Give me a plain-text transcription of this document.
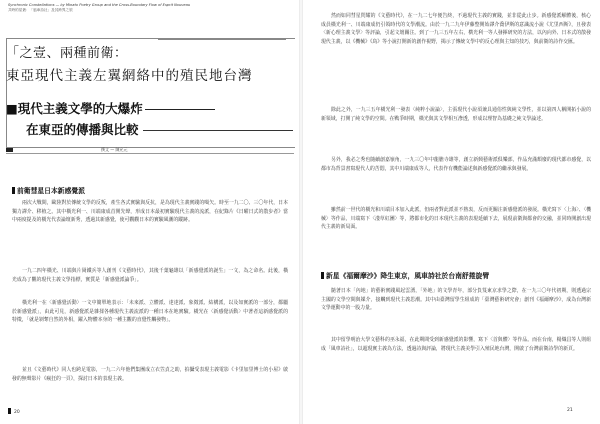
Synchronic Constellations — by Minato Poetry Group and the Cross-Boundary Flow of Esprit Nouveau
共時的星叢：「風車詩社」及其跨界之旅
「之壹、兩種前衛：
東亞現代主義左翼網絡中的殖民地台灣
■現代主義文學的大爆炸
在東亞的傳播與比較
撰文 — 陳允元
前衛彗星日本新感覺派
兩次大戰間，歐陸對於傳統文學的反叛，產生各式實驗與反抗，是為現代主義實踐的噶矢。時至一九二〇、三〇年代，日本獨力譯介、移植之。其中橫光利一、川端康成首開先聲，形成日本最初實驗現代主義的流派，在紀錄片《日曜日式的散步者》當中兩度提及的橫光代表論壇新秀，透過其新感覺，使可觀觀日本的實驗風潮的蹤跡。
一九二四年橫光、川端與片岡鐵兵等人創刊《文藝時代》，其後千葉龜雄以「新感覺派的誕生」一文，為之命名。此後，橫光成為了觀的現代主義文學指標，實質是「新感覺派論爭」。
橫光利一在〈新感覺活動〉一文中簡單地表示：「未來派、立體派、達達派、象徵派、結構派，以及如實派的一部分，都屬於新感覺派」，由此可見，新感覺派是雜揉各種現代主義流派的一種日本在地實驗。橫光在〈新感覺活動〉中著者這新感覺派的特徵，「就是剝奪自然的外相，躍入物體本身的一種主觀的直覺性觸發物」。
並且《文藝時代》同人也跨足電影，一九二六年他們集團成立衣笠貞之助，拍攝受表現主義電影《卡里加里博士的小屋》啟發的無聲影片《瘋狂的一頁》，探討日本的表現主義。
20
然而如同彗星閃耀的《文藝時代》，在一九二七年便告終，不過現代主義的實踐，並非從此止步。新感覺派解體後，核心成員橫光利一、川端康成仍引領時代的文學潮流。由於一九二九年伊藤整開始譯介喬伊斯的意識流小說《尤里西斯》，且發表〈新心理主義文學〉等評論，引起文壇關注。到了一九三五年左右，横光利一等人發揮研究的方法，以內向外、日本式的散發現代主義，以《機械》《鳥》等小說打開新的創作視野，揭示了傳統文學中的反心理與主知的技巧，與前衛的詩作交匯。
除此之外，一九三五年橫光利一發表〈純粹小說論〉，主張現代小說須兼具通俗性與純文學性，並以第四人稱開拓小說的新領域，打開了純文學的空間。在戰爭時期，橫光與其文學相互滲透，形成以理智為基礎之純文學論述。
另外，我必之秀也隨續創嘉嶺角，一九三〇年中龍膽寺雄等，創立新興藝術派俱樂部，作品充滿頹廢的現代都市感覺，以都市為背景書寫現代人的苦悶，其中川端康成等人，代表作有機能論述與新感覺派的繼承與發展。
雖然前一世代的橫光和川端目本加入此派，但兩者對此派並不熱衷，反而更關注新感覺派的發展。橫光寫下〈上海〉、〈機械〉等作品，川端寫下〈淺草紅團〉等，將都市化的日本現代主義的表現延續下去，展現前衛與都會的交融，並同時開創出現代主義的新局面。
新星《福爾摩沙》降生東京，風車詩社於台南舒捲旋臂
隨著日本「內地」的藝術實踐風起雲湧，「外地」的文學青年，部分負笈東京求學之際，在一九三〇年代初期，則透過宗主國的文學空間與媒介，接觸到現代主義思潮。其中由臺灣留學生組成的「臺灣藝術研究會」創刊《福爾摩沙》，成為台灣新文學運動中的一股力量。
其中留學明治大學文藝科的巫永福，在此期間受到新感覺派的影響，寫下〈首與體〉等作品。而在台南，楊熾昌等人則組成「風車詩社」，以超現實主義為方法，透過詩與評論，將現代主義美學引入殖民地台灣，開啟了台灣前衛詩學的新頁。
21
